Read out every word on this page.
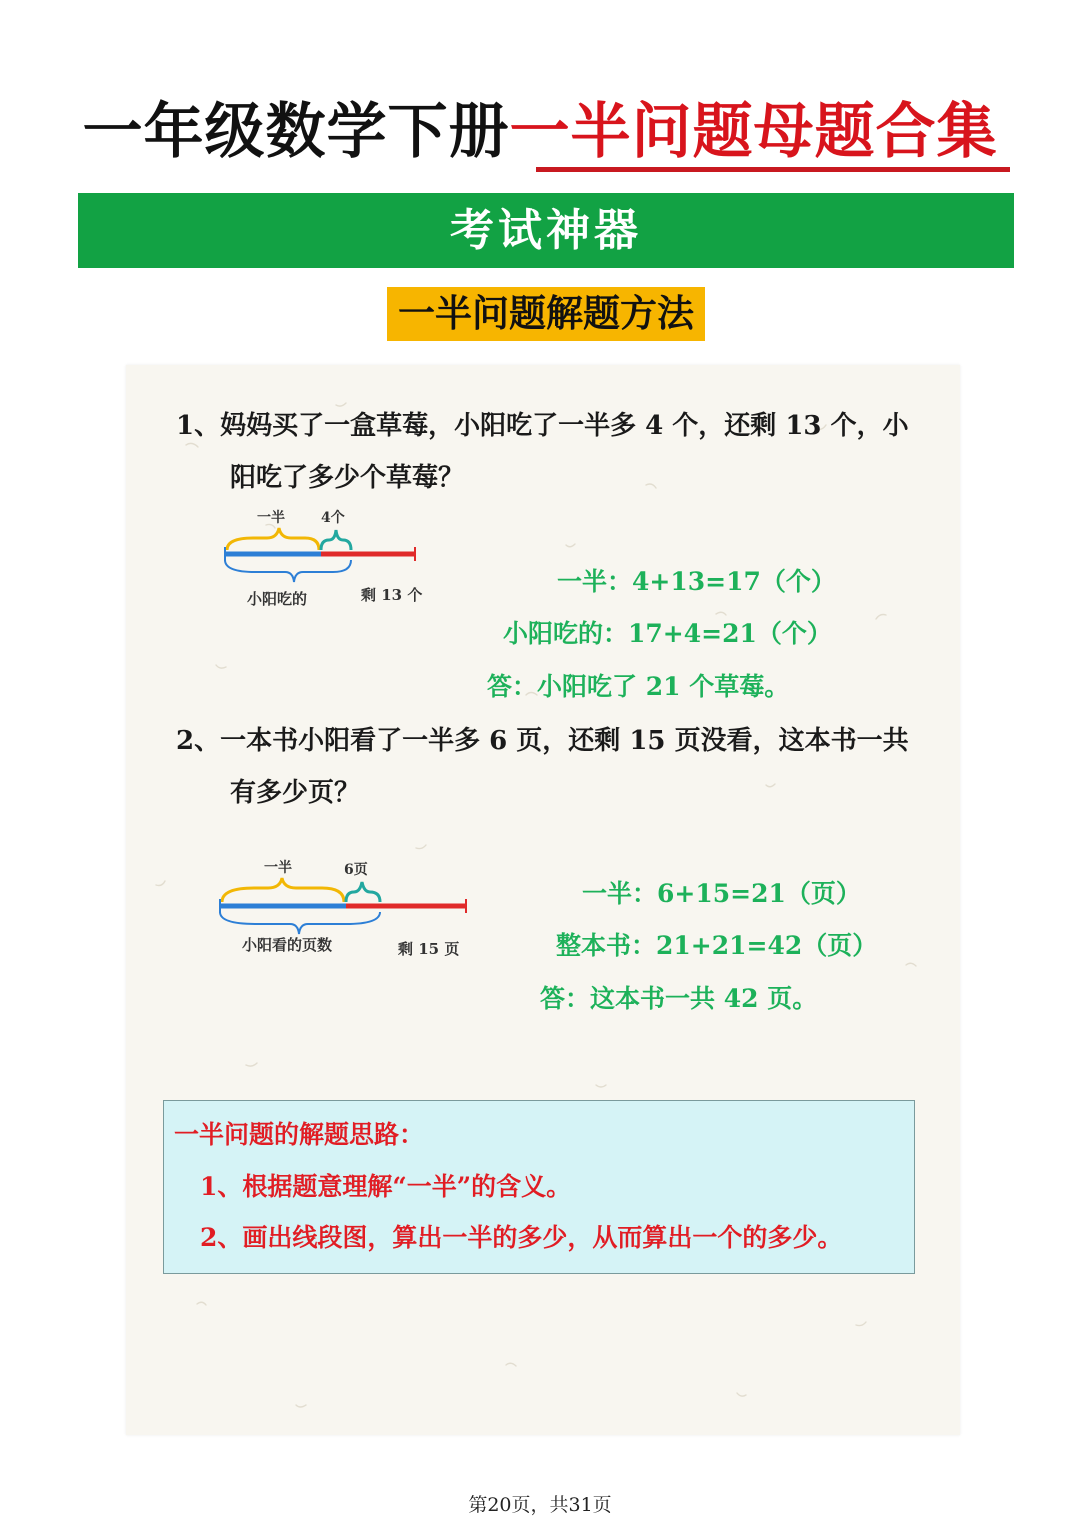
一年级数学下册一半问题母题合集
考试神器
一半问题解题方法
1、妈妈买了一盒草莓，小阳吃了一半多 4 个，还剩 13 个，小
阳吃了多少个草莓？
一半	4个
小阳吃的	剩 13 个	一半：4+13=17（个）
小阳吃的：17+4=21（个）
答：小阳吃了 21 个草莓。
2、一本书小阳看了一半多 6 页，还剩 15 页没看，这本书一共
有多少页？
一半	6页
小阳看的页数	剩 15 页
一半：6+15=21（页）
整本书：21+21=42（页）
答：这本书一共 42 页。
一半问题的解题思路：
1、根据题意理解“一半”的含义。
2、画出线段图，算出一半的多少，从而算出一个的多少。
第20页，共31页
